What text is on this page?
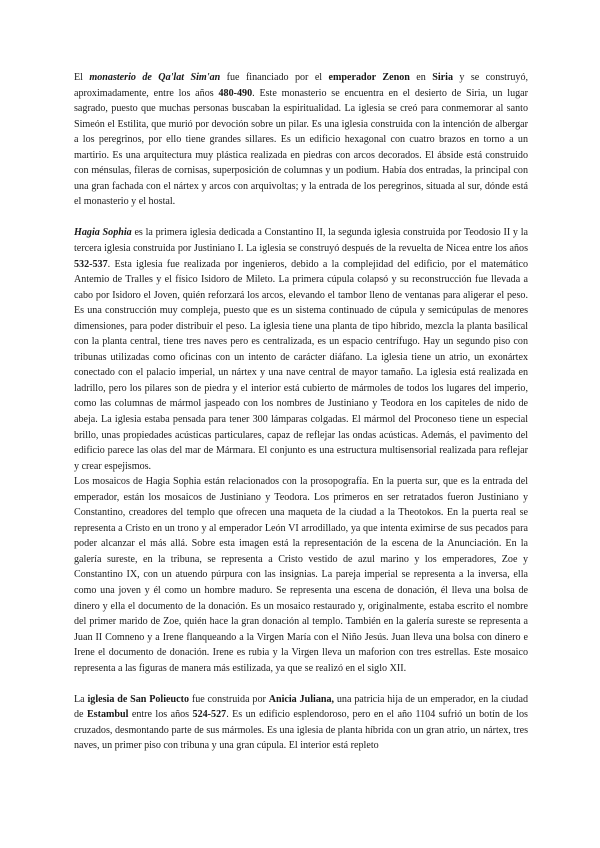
El monasterio de Qa'lat Sim'an fue financiado por el emperador Zenon en Siria y se construyó, aproximadamente, entre los años 480-490. Este monasterio se encuentra en el desierto de Siria, un lugar sagrado, puesto que muchas personas buscaban la espiritualidad. La iglesia se creó para conmemorar al santo Simeón el Estilita, que murió por devoción sobre un pilar. Es una iglesia construida con la intención de albergar a los peregrinos, por ello tiene grandes sillares. Es un edificio hexagonal con cuatro brazos en torno a un martirio. Es una arquitectura muy plástica realizada en piedras con arcos decorados. El ábside está construido con ménsulas, fileras de cornisas, superposición de columnas y un podium. Había dos entradas, la principal con una gran fachada con el nártex y arcos con arquivoltas; y la entrada de los peregrinos, situada al sur, dónde está el monasterio y el hostal.

Hagia Sophia es la primera iglesia dedicada a Constantino II, la segunda iglesia construida por Teodosio II y la tercera iglesia construida por Justiniano I. La iglesia se construyó después de la revuelta de Nicea entre los años 532-537. Esta iglesia fue realizada por ingenieros, debido a la complejidad del edificio, por el matemático Antemio de Tralles y el físico Isidoro de Mileto. La primera cúpula colapsó y su reconstrucción fue llevada a cabo por Isidoro el Joven, quién reforzará los arcos, elevando el tambor lleno de ventanas para aligerar el peso. Es una construcción muy compleja, puesto que es un sistema continuado de cúpula y semicúpulas de menores dimensiones, para poder distribuir el peso. La iglesia tiene una planta de tipo híbrido, mezcla la planta basilical con la planta central, tiene tres naves pero es centralizada, es un espacio centrífugo. Hay un segundo piso con tribunas utilizadas como oficinas con un intento de carácter diáfano. La iglesia tiene un atrio, un exonártex conectado con el palacio imperial, un nártex y una nave central de mayor tamaño. La iglesia está realizada en ladrillo, pero los pilares son de piedra y el interior está cubierto de mármoles de todos los lugares del imperio, como las columnas de mármol jaspeado con los nombres de Justiniano y Teodora en los capiteles de nido de abeja. La iglesia estaba pensada para tener 300 lámparas colgadas. El mármol del Proconeso tiene un especial brillo, unas propiedades acústicas particulares, capaz de reflejar las ondas acústicas. Además, el pavimento del edificio parece las olas del mar de Mármara. El conjunto es una estructura multisensorial realizada para reflejar y crear espejismos.

Los mosaicos de Hagia Sophia están relacionados con la prosopografía. En la puerta sur, que es la entrada del emperador, están los mosaicos de Justiniano y Teodora. Los primeros en ser retratados fueron Justiniano y Constantino, creadores del templo que ofrecen una maqueta de la ciudad a la Theotokos. En la puerta real se representa a Cristo en un trono y al emperador León VI arrodillado, ya que intenta eximirse de sus pecados para poder alcanzar el más allá. Sobre esta imagen está la representación de la escena de la Anunciación. En la galería sureste, en la tribuna, se representa a Cristo vestido de azul marino y los emperadores, Zoe y Constantino IX, con un atuendo púrpura con las insignias. La pareja imperial se representa a la inversa, ella como una joven y él como un hombre maduro. Se representa una escena de donación, él lleva una bolsa de dinero y ella el documento de la donación. Es un mosaico restaurado y, originalmente, estaba escrito el nombre del primer marido de Zoe, quién hace la gran donación al templo. También en la galería sureste se representa a Juan II Comneno y a Irene flanqueando a la Virgen María con el Niño Jesús. Juan lleva una bolsa con dinero e Irene el documento de donación. Irene es rubia y la Virgen lleva un maforion con tres estrellas. Este mosaico representa a las figuras de manera más estilizada, ya que se realizó en el siglo XII.

La iglesia de San Polieucto fue construida por Anicia Juliana, una patricia hija de un emperador, en la ciudad de Estambul entre los años 524-527. Es un edificio esplendoroso, pero en el año 1104 sufrió un botín de los cruzados, desmontando parte de sus mármoles. Es una iglesia de planta híbrida con un gran atrio, un nártex, tres naves, un primer piso con tribuna y una gran cúpula. El interior está repleto
